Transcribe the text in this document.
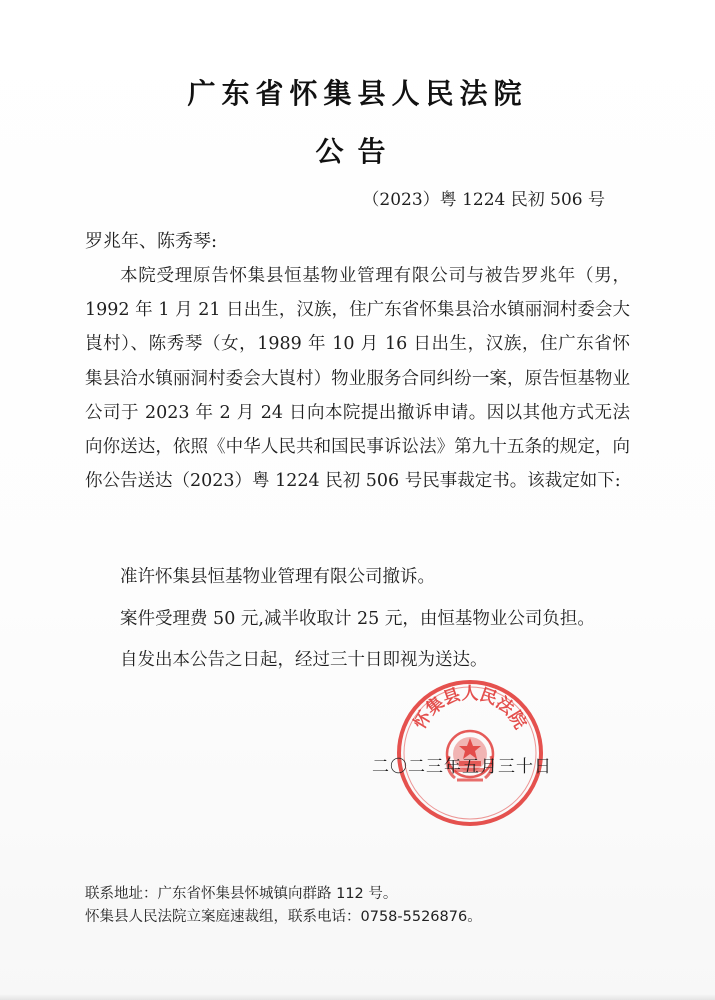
广东省怀集县人民法院
公告
（2023）粤 1224 民初 506 号
罗兆年、陈秀琴:

本院受理原告怀集县恒基物业管理有限公司与被告罗兆年（男，1992 年 1 月 21 日出生，汉族，住广东省怀集县洽水镇丽洞村委会大崀村）、陈秀琴（女，1989 年 10 月 16 日出生，汉族，住广东省怀集县洽水镇丽洞村委会大崀村）物业服务合同纠纷一案，原告恒基物业公司于 2023 年 2 月 24 日向本院提出撤诉申请。因以其他方式无法向你送达，依照《中华人民共和国民事诉讼法》第九十五条的规定，向你公告送达（2023）粤 1224 民初 506 号民事裁定书。该裁定如下:

准许怀集县恒基物业管理有限公司撤诉。
案件受理费 50 元,减半收取计 25 元，由恒基物业公司负担。
自发出本公告之日起，经过三十日即视为送达。
怀集县人民法院
二〇二三年五月三十日
联系地址：广东省怀集县怀城镇向群路 112 号。
怀集县人民法院立案庭速裁组，联系电话：0758-5526876。
